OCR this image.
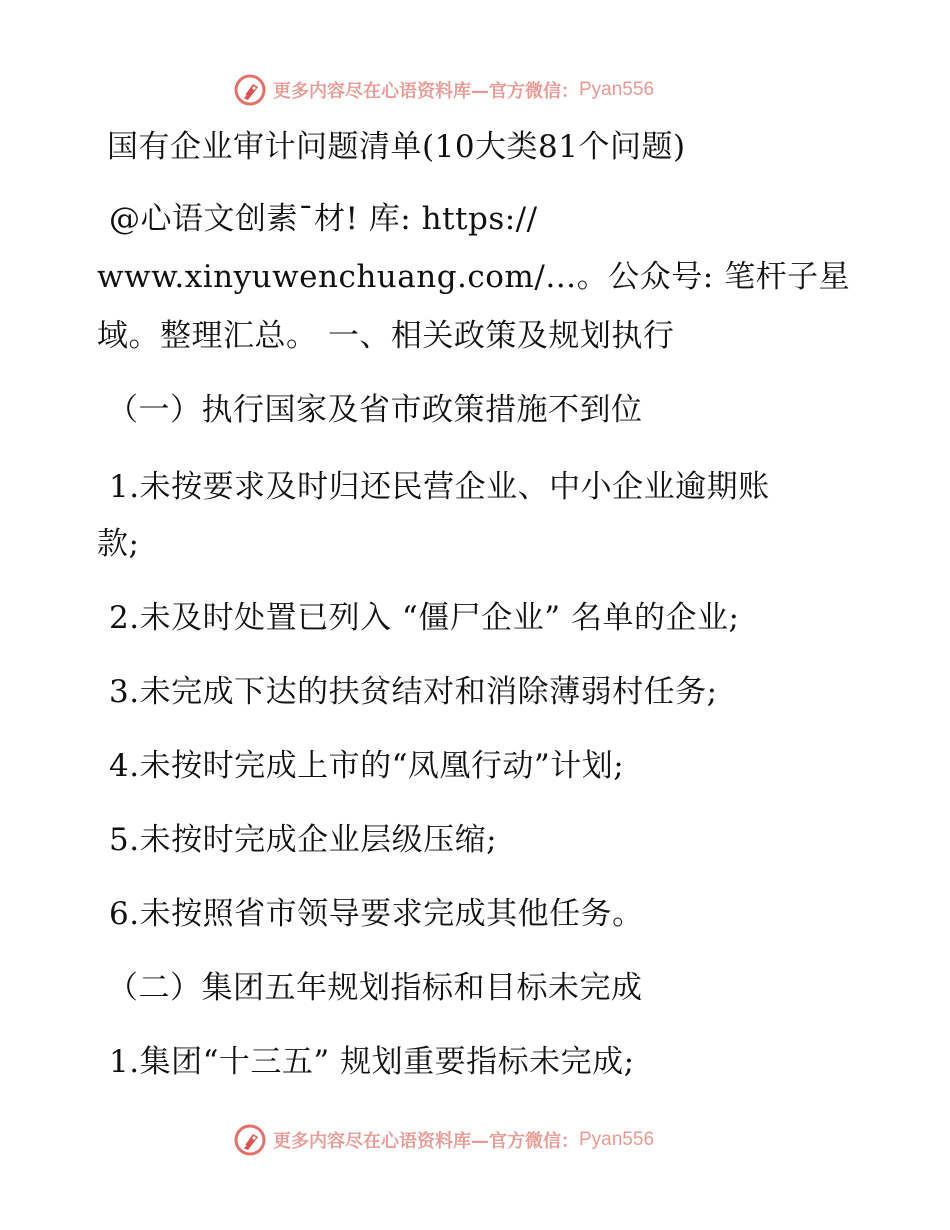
更多内容尽在心语资料库—官方微信： Pyan556
国有企业审计问题清单(10大类81个问题)
@心语文创素¯材! 库: https://
www.xinyuwenchuang.com/…。公众号: 笔杆子星
域。整理汇总。 一、相关政策及规划执行
（一）执行国家及省市政策措施不到位
1.未按要求及时归还民营企业、中小企业逾期账
款;
2.未及时处置已列入 “僵尸企业” 名单的企业;
3.未完成下达的扶贫结对和消除薄弱村任务;
4.未按时完成上市的“凤凰行动”计划;
5.未按时完成企业层级压缩;
6.未按照省市领导要求完成其他任务。
（二）集团五年规划指标和目标未完成
1.集团“十三五” 规划重要指标未完成;
更多内容尽在心语资料库—官方微信： Pyan556
